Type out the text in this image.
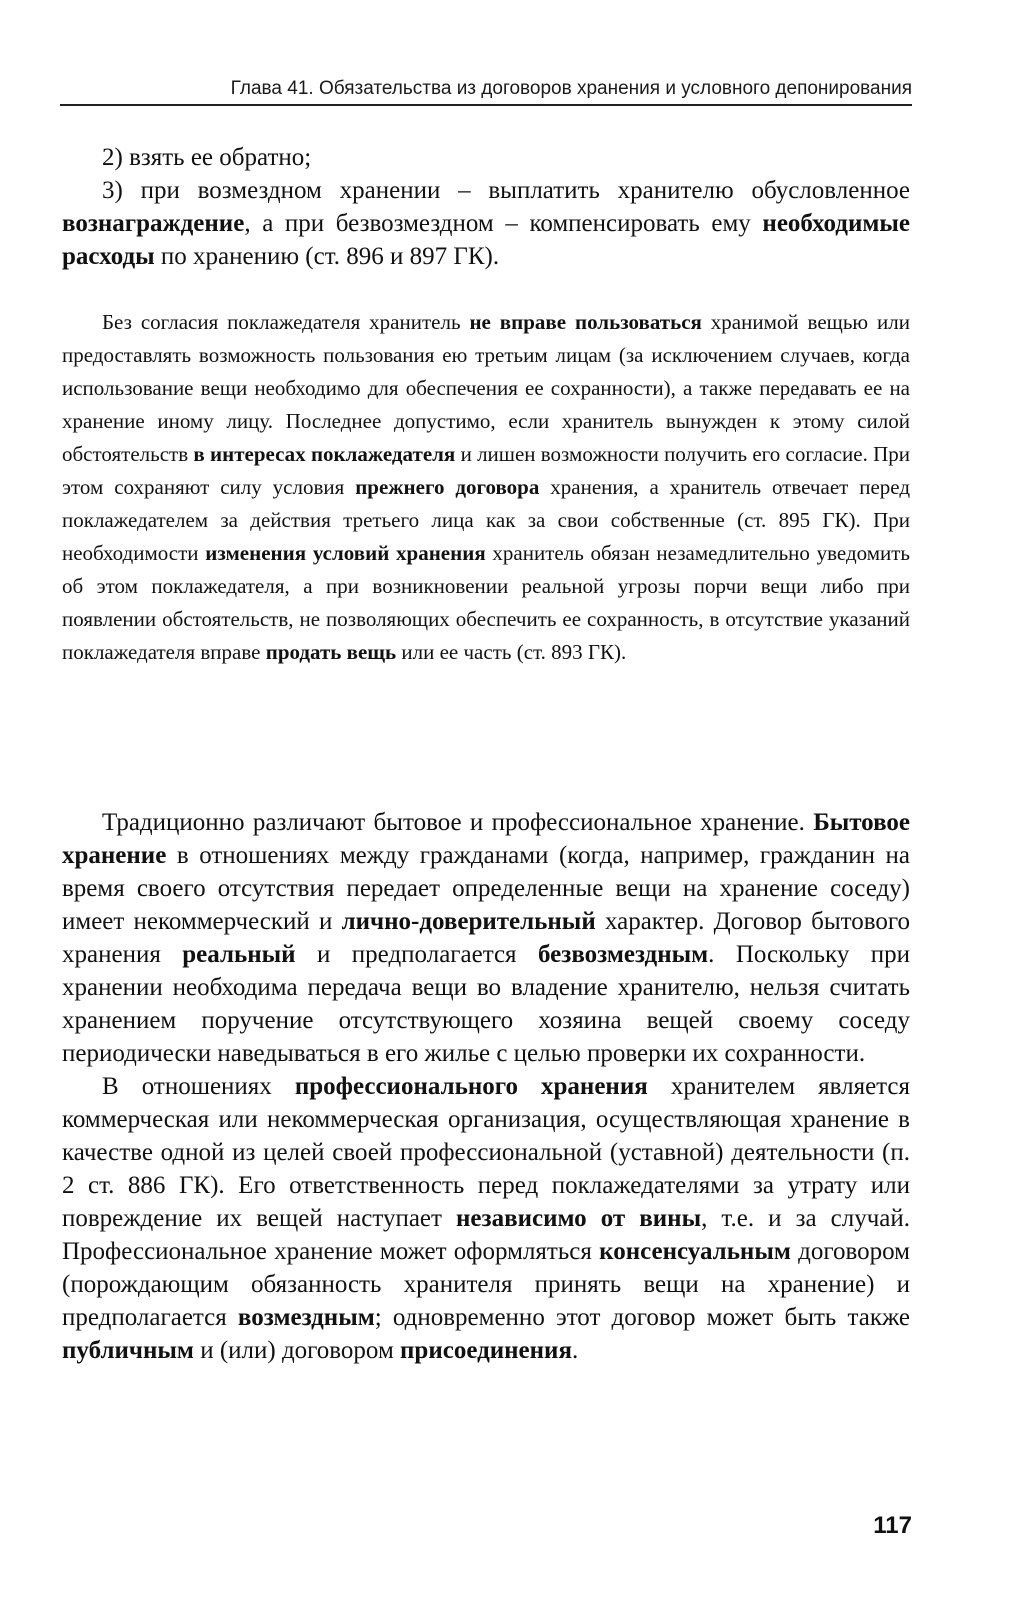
Глава 41. Обязательства из договоров хранения и условного депонирования

2) взять ее обратно;

3) при возмездном хранении – выплатить хранителю обусловленное вознаграждение, а при безвозмездном – компенсировать ему необходимые расходы по хранению (ст. 896 и 897 ГК).

Без согласия поклажедателя хранитель не вправе пользоваться хранимой вещью или предоставлять возможность пользования ею третьим лицам (за исключением случаев, когда использование вещи необходимо для обеспечения ее сохранности), а также передавать ее на хранение иному лицу. Последнее допустимо, если хранитель вынужден к этому силой обстоятельств в интересах поклажедателя и лишен возможности получить его согласие. При этом сохраняют силу условия прежнего договора хранения, а хранитель отвечает перед поклажедателем за действия третьего лица как за свои собственные (ст. 895 ГК). При необходимости изменения условий хранения хранитель обязан незамедлительно уведомить об этом поклажедателя, а при возникновении реальной угрозы порчи вещи либо при появлении обстоятельств, не позволяющих обеспечить ее сохранность, в отсутствие указаний поклажедателя вправе продать вещь или ее часть (ст. 893 ГК).

Традиционно различают бытовое и профессиональное хранение. Бытовое хранение в отношениях между гражданами (когда, например, гражданин на время своего отсутствия передает определенные вещи на хранение соседу) имеет некоммерческий и лично-доверительный характер. Договор бытового хранения реальный и предполагается безвозмездным. Поскольку при хранении необходима передача вещи во владение хранителю, нельзя считать хранением поручение отсутствующего хозяина вещей своему соседу периодически наведываться в его жилье с целью проверки их сохранности.

В отношениях профессионального хранения хранителем является коммерческая или некоммерческая организация, осуществляющая хранение в качестве одной из целей своей профессиональной (уставной) деятельности (п. 2 ст. 886 ГК). Его ответственность перед поклажедателями за утрату или повреждение их вещей наступает независимо от вины, т.е. и за случай. Профессиональное хранение может оформляться консенсуальным договором (порождающим обязанность хранителя принять вещи на хранение) и предполагается возмездным; одновременно этот договор может быть также публичным и (или) договором присоединения.

117
